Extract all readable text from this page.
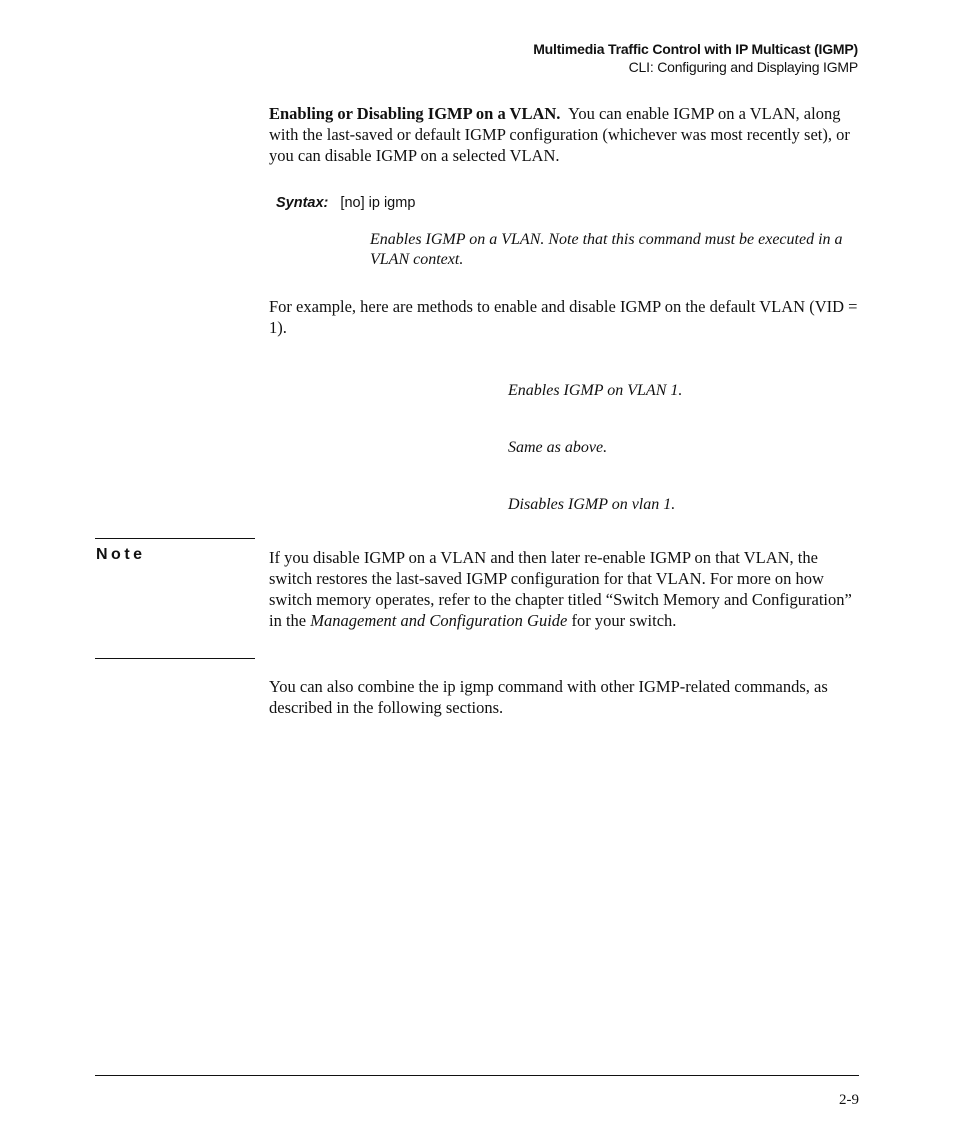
Multimedia Traffic Control with IP Multicast (IGMP)
CLI: Configuring and Displaying IGMP
Enabling or Disabling IGMP on a VLAN. You can enable IGMP on a VLAN, along with the last-saved or default IGMP configuration (whichever was most recently set), or you can disable IGMP on a selected VLAN.
Syntax: [no] ip igmp
Enables IGMP on a VLAN. Note that this command must be executed in a VLAN context.
For example, here are methods to enable and disable IGMP on the default VLAN (VID = 1).
Enables IGMP on VLAN 1.
Same as above.
Disables IGMP on vlan 1.
Note	If you disable IGMP on a VLAN and then later re-enable IGMP on that VLAN, the switch restores the last-saved IGMP configuration for that VLAN. For more on how switch memory operates, refer to the chapter titled “Switch Memory and Configuration” in the Management and Configuration Guide for your switch.
You can also combine the ip igmp command with other IGMP-related commands, as described in the following sections.
2-9
